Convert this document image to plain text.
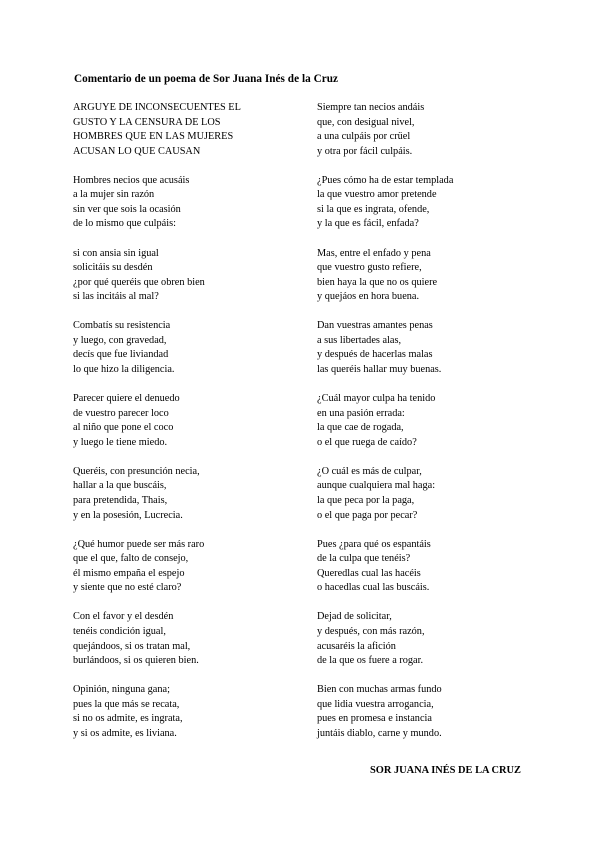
Comentario de un poema de Sor Juana Inés de la Cruz
ARGUYE DE INCONSECUENTES EL
GUSTO Y LA CENSURA DE LOS
HOMBRES QUE EN LAS MUJERES
ACUSAN LO QUE CAUSAN
Hombres necios que acusáis
a la mujer sin razón
sin ver que sois la ocasión
de lo mismo que culpáis:
si con ansia sin igual
solicitáis su desdén
¿por qué queréis que obren bien
si las incitáis al mal?
Combatís su resistencia
y luego, con gravedad,
decís que fue liviandad
lo que hizo la diligencia.
Parecer quiere el denuedo
de vuestro parecer loco
al niño que pone el coco
y luego le tiene miedo.
Queréis, con presunción necia,
hallar a la que buscáis,
para pretendida, Thais,
y en la posesión, Lucrecia.
¿Qué humor puede ser más raro
que el que, falto de consejo,
él mismo empaña el espejo
y siente que no esté claro?
Con el favor y el desdén
tenéis condición igual,
quejándoos, si os tratan mal,
burlándoos, si os quieren bien.
Opinión, ninguna gana;
pues la que más se recata,
si no os admite, es ingrata,
y si os admite, es liviana.
Siempre tan necios andáis
que, con desigual nivel,
a una culpáis por crüel
y otra por fácil culpáis.
¿Pues cómo ha de estar templada
la que vuestro amor pretende
si la que es ingrata, ofende,
y la que es fácil, enfada?
Mas, entre el enfado y pena
que vuestro gusto refiere,
bien haya la que no os quiere
y quejáos en hora buena.
Dan vuestras amantes penas
a sus libertades alas,
y después de hacerlas malas
las queréis hallar muy buenas.
¿Cuál mayor culpa ha tenido
en una pasión errada:
la que cae de rogada,
o el que ruega de caído?
¿O cuál es más de culpar,
aunque cualquiera mal haga:
la que peca por la paga,
o el que paga por pecar?
Pues ¿para qué os espantáis
de la culpa que tenéis?
Queredlas cual las hacéis
o hacedlas cual las buscáis.
Dejad de solicitar,
y después, con más razón,
acusaréis la afición
de la que os fuere a rogar.
Bien con muchas armas fundo
que lidia vuestra arrogancia,
pues en promesa e instancia
juntáis diablo, carne y mundo.
SOR JUANA INÉS DE LA CRUZ
